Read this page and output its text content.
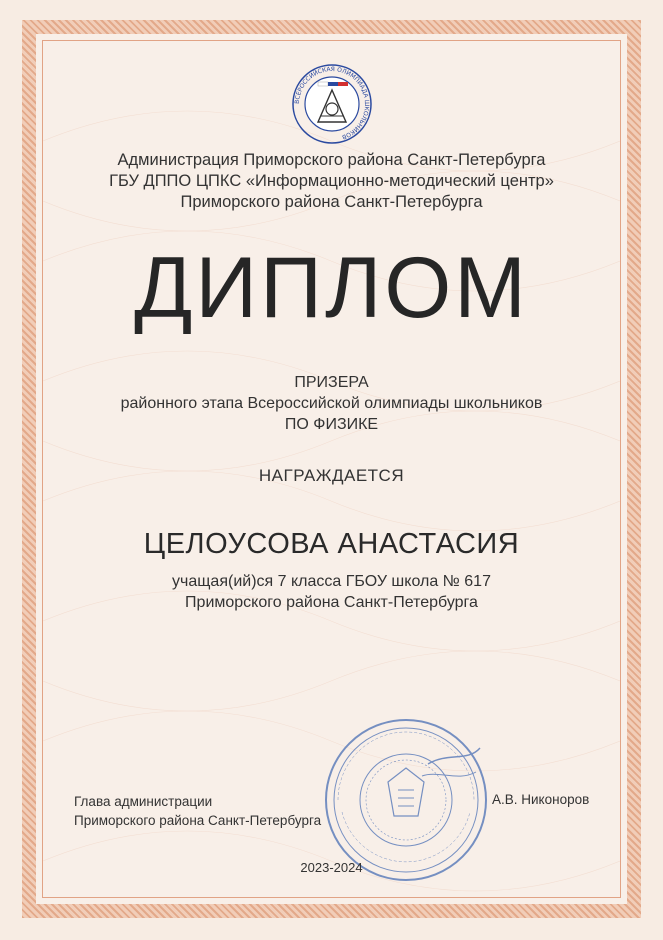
ВСЕРОССИЙСКАЯ ОЛИМПИАДА ШКОЛЬНИКОВ
Администрация Приморского района Санкт-Петербурга
ГБУ ДППО ЦПКС «Информационно-методический центр»
Приморского района Санкт-Петербурга
ДИПЛОМ
ПРИЗЕРА
районного этапа Всероссийской олимпиады школьников
ПО ФИЗИКЕ
НАГРАЖДАЕТСЯ
ЦЕЛОУСОВА АНАСТАСИЯ
учащая(ий)ся 7 класса ГБОУ школа № 617
Приморского района Санкт-Петербурга
Глава администрации
Приморского района Санкт-Петербурга
А.В. Никоноров
2023-2024
